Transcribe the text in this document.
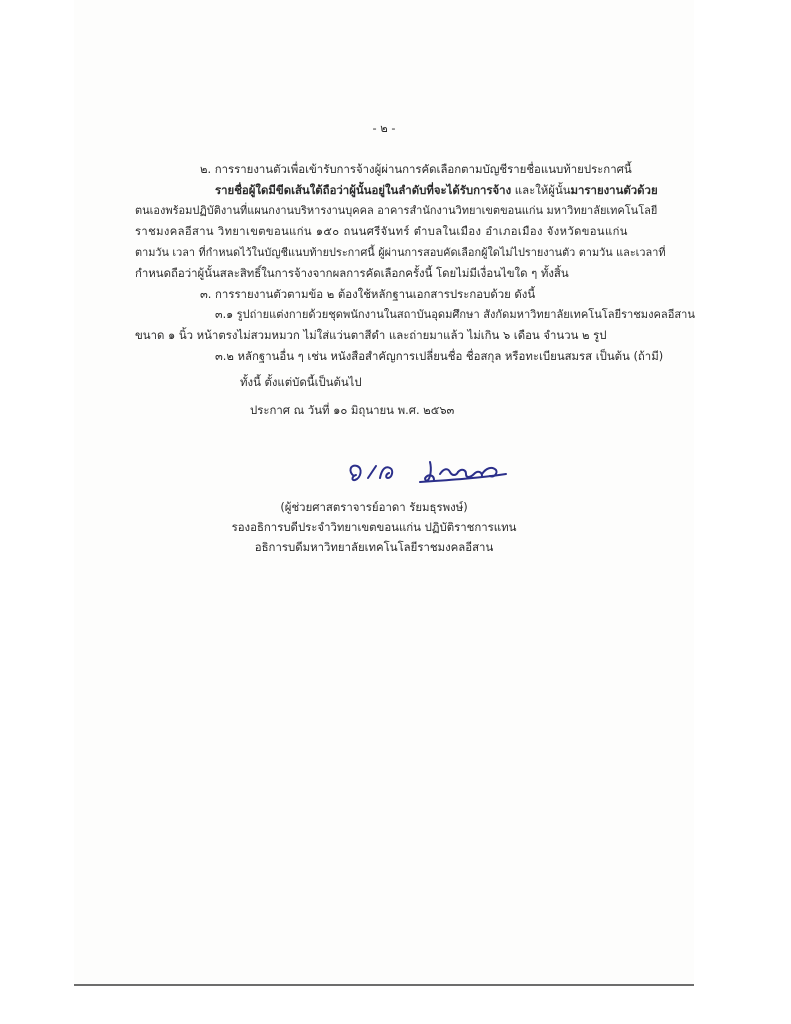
- ๒ -
๒. การรายงานตัวเพื่อเข้ารับการจ้างผู้ผ่านการคัดเลือกตามบัญชีรายชื่อแนบท้ายประกาศนี้
รายชื่อผู้ใดมีขีดเส้นใต้ถือว่าผู้นั้นอยู่ในลำดับที่จะได้รับการจ้าง และให้ผู้นั้นมารายงานตัวด้วย
ตนเองพร้อมปฏิบัติงานที่แผนกงานบริหารงานบุคคล อาคารสำนักงานวิทยาเขตขอนแก่น มหาวิทยาลัยเทคโนโลยี
ราชมงคลอีสาน วิทยาเขตขอนแก่น ๑๕๐ ถนนศรีจันทร์ ตำบลในเมือง อำเภอเมือง จังหวัดขอนแก่น
ตามวัน เวลา ที่กำหนดไว้ในบัญชีแนบท้ายประกาศนี้ ผู้ผ่านการสอบคัดเลือกผู้ใดไม่ไปรายงานตัว ตามวัน และเวลาที่
กำหนดถือว่าผู้นั้นสละสิทธิ์ในการจ้างจากผลการคัดเลือกครั้งนี้ โดยไม่มีเงื่อนไขใด ๆ ทั้งสิ้น
๓. การรายงานตัวตามข้อ ๒ ต้องใช้หลักฐานเอกสารประกอบด้วย ดังนี้
๓.๑ รูปถ่ายแต่งกายด้วยชุดพนักงานในสถาบันอุดมศึกษา สังกัดมหาวิทยาลัยเทคโนโลยีราชมงคลอีสาน
ขนาด ๑ นิ้ว หน้าตรงไม่สวมหมวก ไม่ใส่แว่นตาสีดำ และถ่ายมาแล้ว ไม่เกิน ๖ เดือน จำนวน ๒ รูป
๓.๒ หลักฐานอื่น ๆ เช่น หนังสือสำคัญการเปลี่ยนชื่อ ชื่อสกุล หรือทะเบียนสมรส เป็นต้น (ถ้ามี)
ทั้งนี้ ตั้งแต่บัดนี้เป็นต้นไป
ประกาศ ณ วันที่ ๑๐ มิถุนายน พ.ศ. ๒๕๖๓
(ผู้ช่วยศาสตราจารย์อาดา รัยมธุรพงษ์)
รองอธิการบดีประจำวิทยาเขตขอนแก่น ปฏิบัติราชการแทน
อธิการบดีมหาวิทยาลัยเทคโนโลยีราชมงคลอีสาน
